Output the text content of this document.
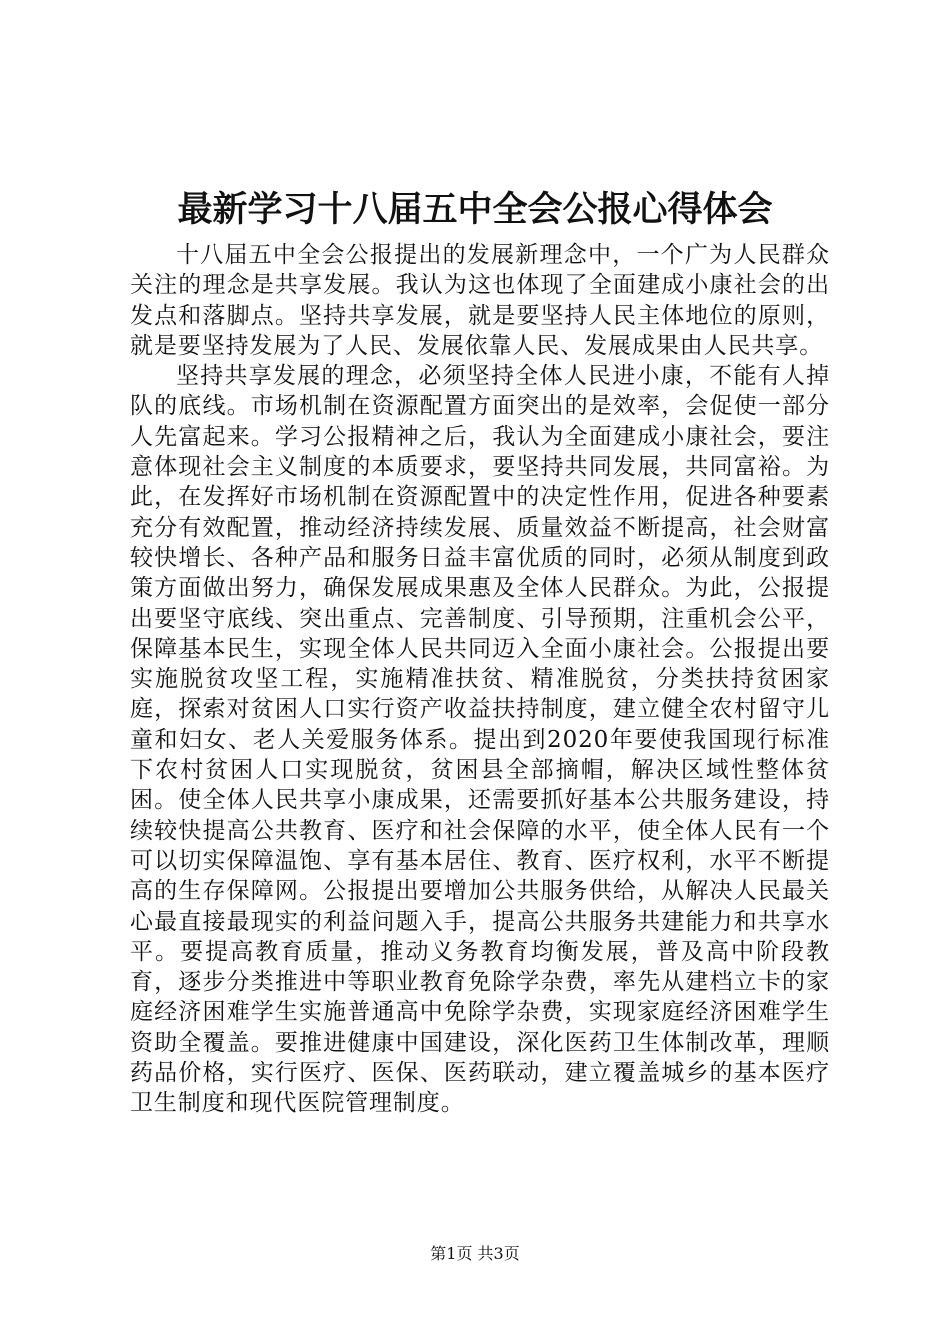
最新学习十八届五中全会公报心得体会

十八届五中全会公报提出的发展新理念中，一个广为人民群众关注的理念是共享发展。我认为这也体现了全面建成小康社会的出发点和落脚点。坚持共享发展，就是要坚持人民主体地位的原则，就是要坚持发展为了人民、发展依靠人民、发展成果由人民共享。

坚持共享发展的理念，必须坚持全体人民进小康，不能有人掉队的底线。市场机制在资源配置方面突出的是效率，会促使一部分人先富起来。学习公报精神之后，我认为全面建成小康社会，要注意体现社会主义制度的本质要求，要坚持共同发展，共同富裕。为此，在发挥好市场机制在资源配置中的决定性作用，促进各种要素充分有效配置，推动经济持续发展、质量效益不断提高，社会财富较快增长、各种产品和服务日益丰富优质的同时，必须从制度到政策方面做出努力，确保发展成果惠及全体人民群众。为此，公报提出要坚守底线、突出重点、完善制度、引导预期，注重机会公平，保障基本民生，实现全体人民共同迈入全面小康社会。公报提出要实施脱贫攻坚工程，实施精准扶贫、精准脱贫，分类扶持贫困家庭，探索对贫困人口实行资产收益扶持制度，建立健全农村留守儿童和妇女、老人关爱服务体系。提出到2020年要使我国现行标准下农村贫困人口实现脱贫，贫困县全部摘帽，解决区域性整体贫困。使全体人民共享小康成果，还需要抓好基本公共服务建设，持续较快提高公共教育、医疗和社会保障的水平，使全体人民有一个可以切实保障温饱、享有基本居住、教育、医疗权利，水平不断提高的生存保障网。公报提出要增加公共服务供给，从解决人民最关心最直接最现实的利益问题入手，提高公共服务共建能力和共享水平。要提高教育质量，推动义务教育均衡发展，普及高中阶段教育，逐步分类推进中等职业教育免除学杂费，率先从建档立卡的家庭经济困难学生实施普通高中免除学杂费，实现家庭经济困难学生资助全覆盖。要推进健康中国建设，深化医药卫生体制改革，理顺药品价格，实行医疗、医保、医药联动，建立覆盖城乡的基本医疗卫生制度和现代医院管理制度。

第1页 共3页
